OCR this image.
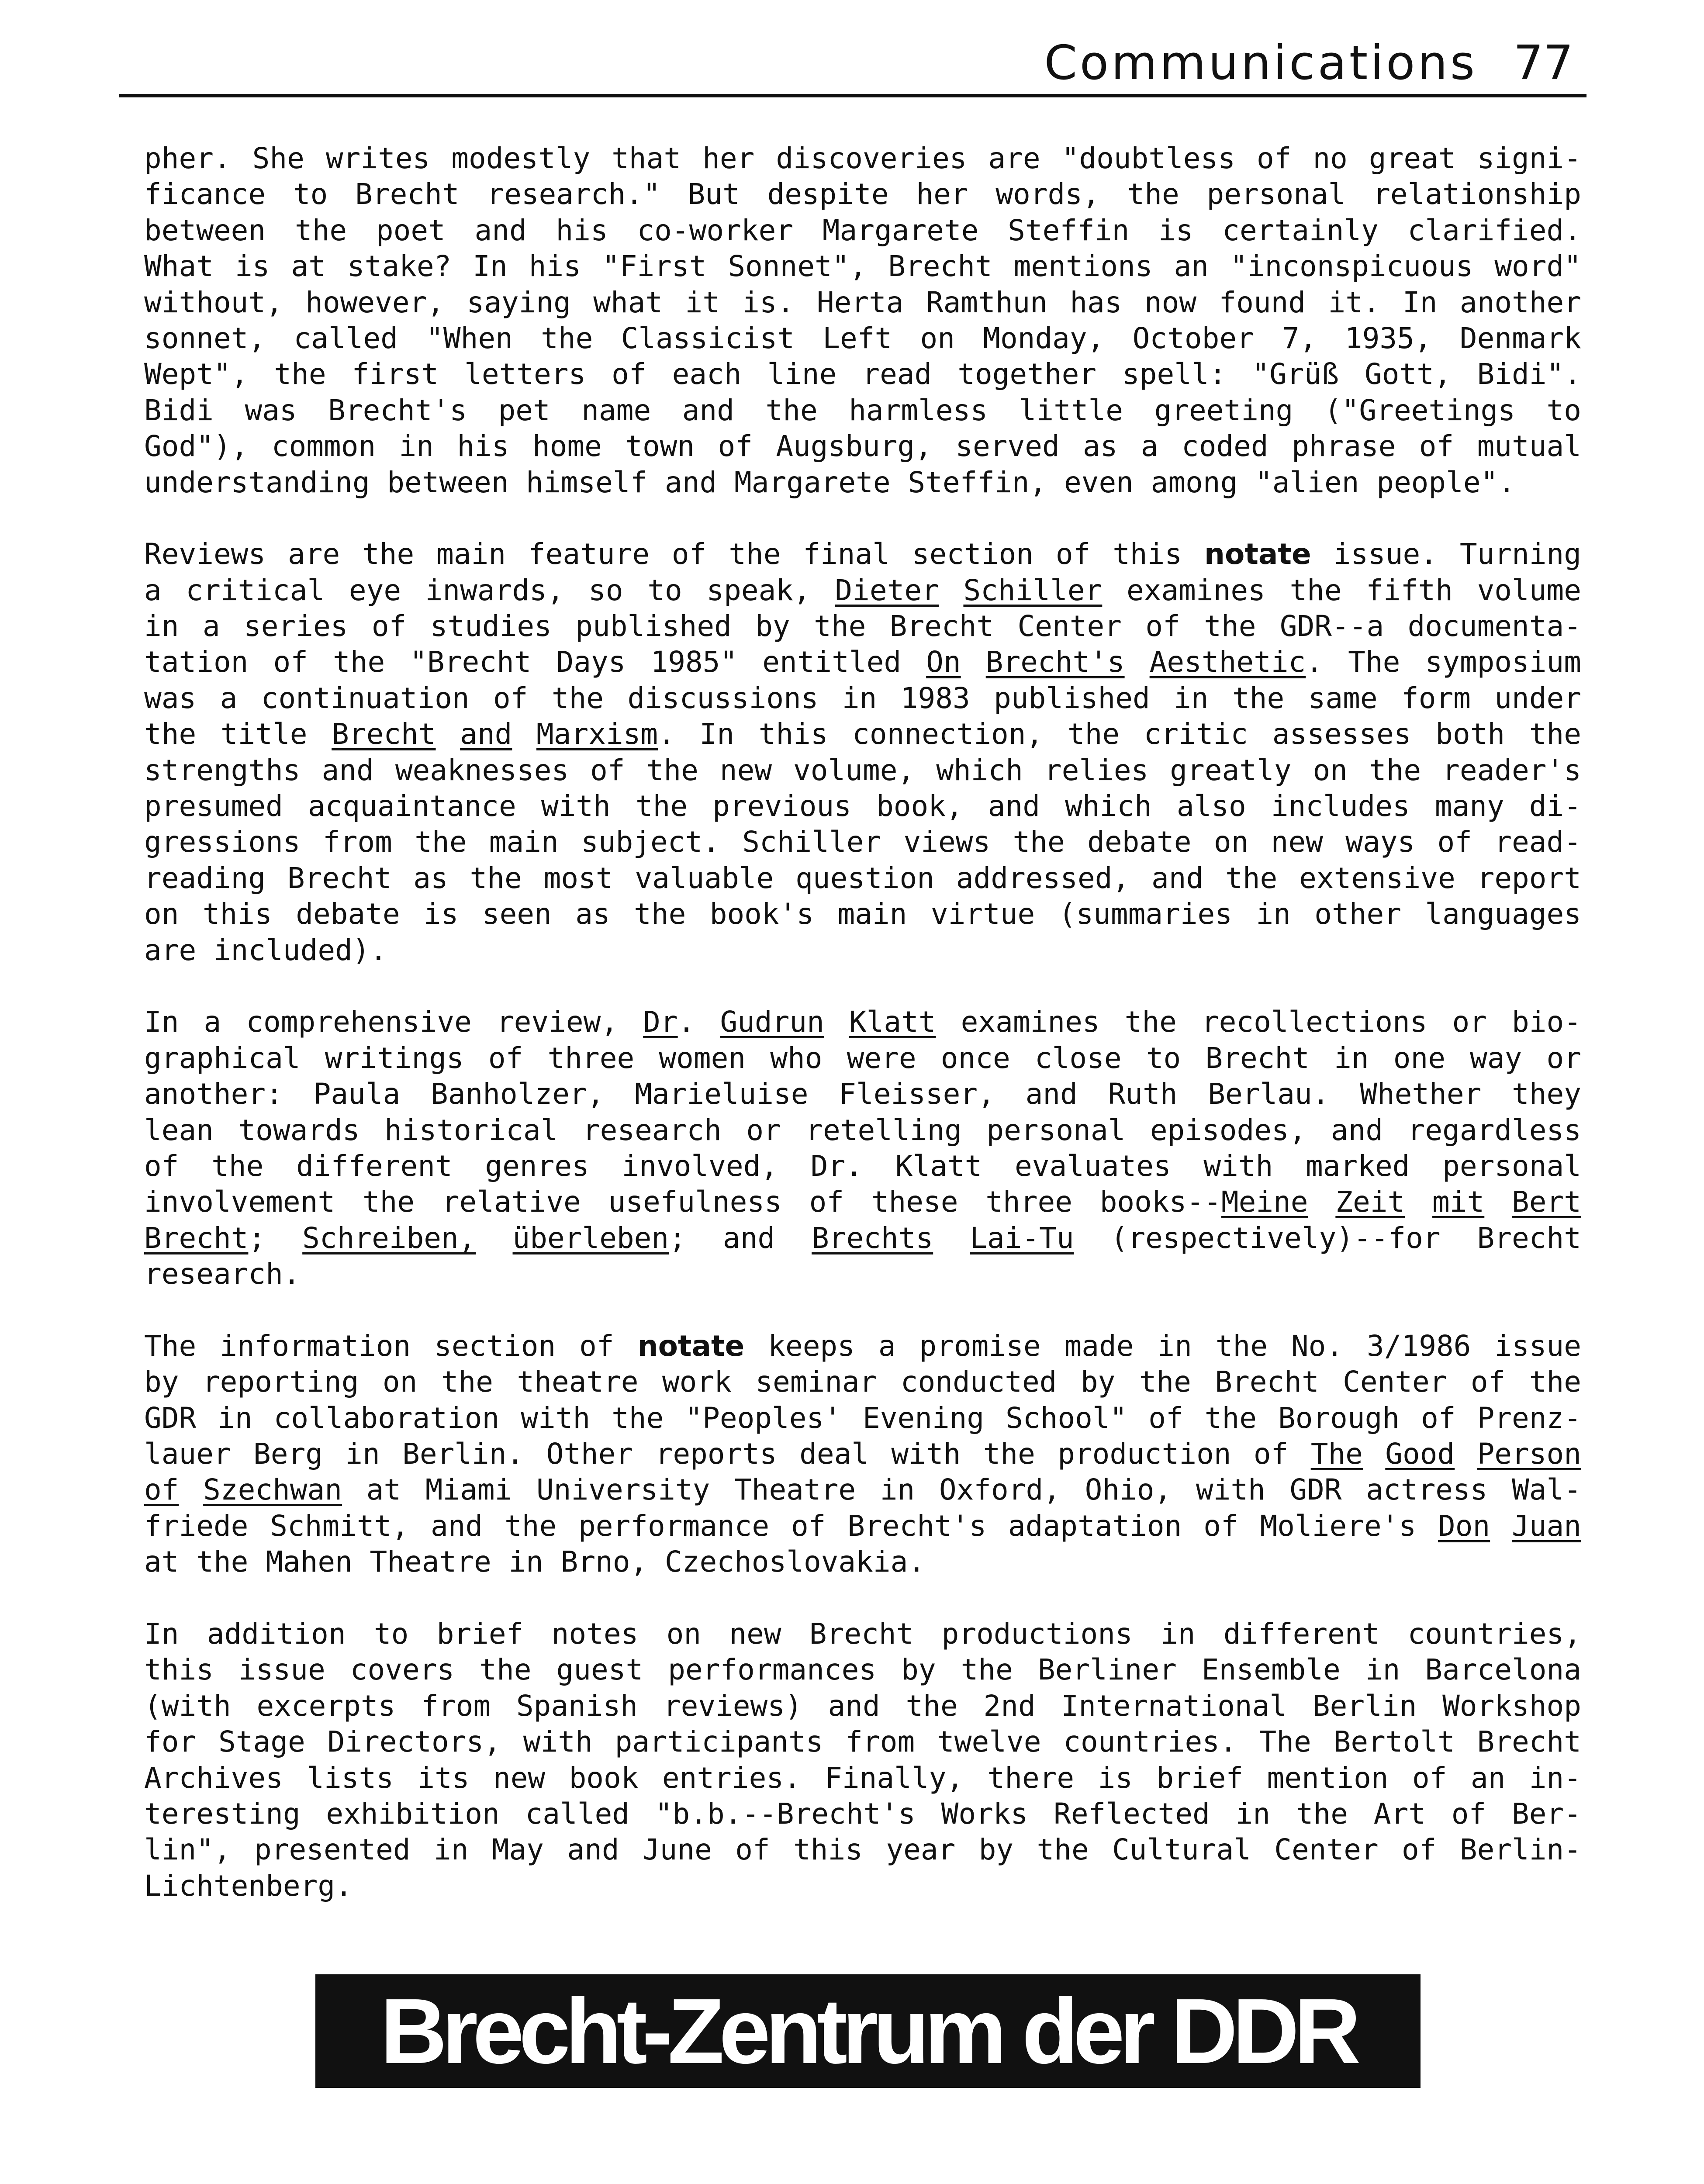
Communications 77
pher. She writes modestly that her discoveries are "doubtless of no great signi-
ficance to Brecht research." But despite her words, the personal relationship
between the poet and his co-worker Margarete Steffin is certainly clarified.
What is at stake? In his "First Sonnet", Brecht mentions an "inconspicuous word"
without, however, saying what it is. Herta Ramthun has now found it. In another
sonnet, called "When the Classicist Left on Monday, October 7, 1935, Denmark
Wept", the first letters of each line read together spell: "Grüß Gott, Bidi".
Bidi was Brecht's pet name and the harmless little greeting ("Greetings to
God"), common in his home town of Augsburg, served as a coded phrase of mutual
understanding between himself and Margarete Steffin, even among "alien people".
Reviews are the main feature of the final section of this notate issue. Turning
a critical eye inwards, so to speak, Dieter Schiller examines the fifth volume
in a series of studies published by the Brecht Center of the GDR--a documenta-
tation of the "Brecht Days 1985" entitled On Brecht's Aesthetic. The symposium
was a continuation of the discussions in 1983 published in the same form under
the title Brecht and Marxism. In this connection, the critic assesses both the
strengths and weaknesses of the new volume, which relies greatly on the reader's
presumed acquaintance with the previous book, and which also includes many di-
gressions from the main subject. Schiller views the debate on new ways of read-
reading Brecht as the most valuable question addressed, and the extensive report
on this debate is seen as the book's main virtue (summaries in other languages
are included).
In a comprehensive review, Dr. Gudrun Klatt examines the recollections or bio-
graphical writings of three women who were once close to Brecht in one way or
another: Paula Banholzer, Marieluise Fleisser, and Ruth Berlau. Whether they
lean towards historical research or retelling personal episodes, and regardless
of the different genres involved, Dr. Klatt evaluates with marked personal
involvement the relative usefulness of these three books--Meine Zeit mit Bert
Brecht; Schreiben, überleben; and Brechts Lai-Tu (respectively)--for Brecht
research.
The information section of notate keeps a promise made in the No. 3/1986 issue
by reporting on the theatre work seminar conducted by the Brecht Center of the
GDR in collaboration with the "Peoples' Evening School" of the Borough of Prenz-
lauer Berg in Berlin. Other reports deal with the production of The Good Person
of Szechwan at Miami University Theatre in Oxford, Ohio, with GDR actress Wal-
friede Schmitt, and the performance of Brecht's adaptation of Moliere's Don Juan
at the Mahen Theatre in Brno, Czechoslovakia.
In addition to brief notes on new Brecht productions in different countries,
this issue covers the guest performances by the Berliner Ensemble in Barcelona
(with excerpts from Spanish reviews) and the 2nd International Berlin Workshop
for Stage Directors, with participants from twelve countries. The Bertolt Brecht
Archives lists its new book entries. Finally, there is brief mention of an in-
teresting exhibition called "b.b.--Brecht's Works Reflected in the Art of Ber-
lin", presented in May and June of this year by the Cultural Center of Berlin-
Lichtenberg.
Brecht-Zentrum der DDR
